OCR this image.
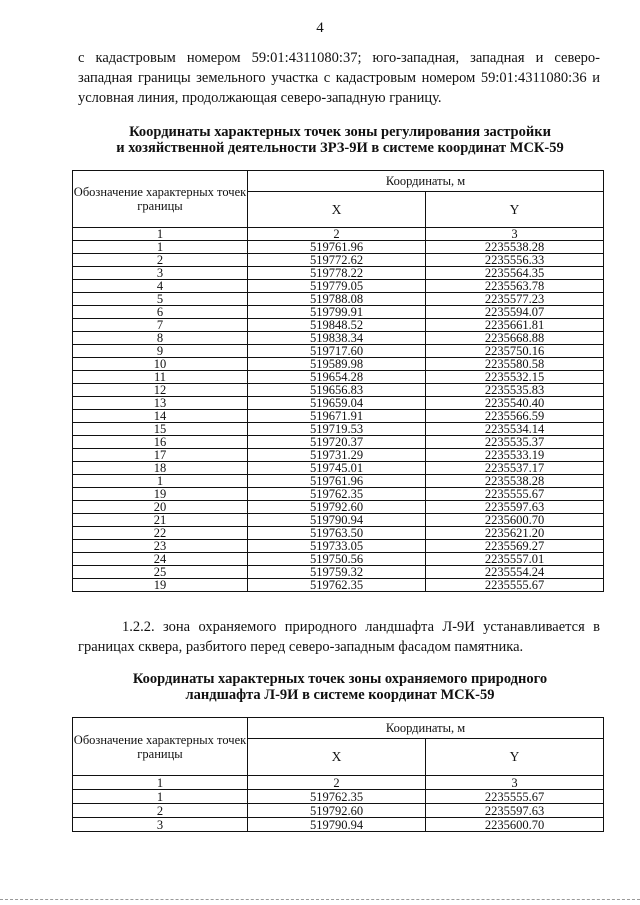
4

с кадастровым номером 59:01:4311080:37; юго-западная, западная и северо-западная границы земельного участка с кадастровым номером 59:01:4311080:36 и условная линия, продолжающая северо-западную границу.

Координаты характерных точек зоны регулирования застройки
и хозяйственной деятельности ЗРЗ-9И в системе координат МСК-59
Обозначение характерных точек границы	Координаты, м	
	X	Y
1	2	3
1	519761.96	2235538.28
2	519772.62	2235556.33
3	519778.22	2235564.35
4	519779.05	2235563.78
5	519788.08	2235577.23
6	519799.91	2235594.07
7	519848.52	2235661.81
8	519838.34	2235668.88
9	519717.60	2235750.16
10	519589.98	2235580.58
11	519654.28	2235532.15
12	519656.83	2235535.83
13	519659.04	2235540.40
14	519671.91	2235566.59
15	519719.53	2235534.14
16	519720.37	2235535.37
17	519731.29	2235533.19
18	519745.01	2235537.17
1	519761.96	2235538.28
19	519762.35	2235555.67
20	519792.60	2235597.63
21	519790.94	2235600.70
22	519763.50	2235621.20
23	519733.05	2235569.27
24	519750.56	2235557.01
25	519759.32	2235554.24
19	519762.35	2235555.67

1.2.2. зона охраняемого природного ландшафта Л-9И устанавливается в границах сквера, разбитого перед северо-западным фасадом памятника.

Координаты характерных точек зоны охраняемого природного
ландшафта Л-9И в системе координат МСК-59
Обозначение характерных точек границы	Координаты, м	
	X	Y
1	2	3
1	519762.35	2235555.67
2	519792.60	2235597.63
3	519790.94	2235600.70
